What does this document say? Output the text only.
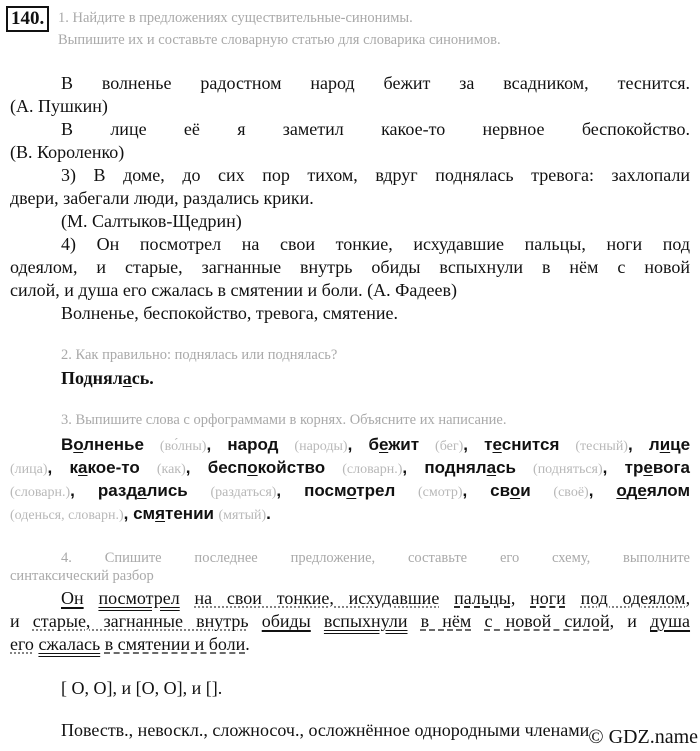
140. 1. Найдите в предложениях существительные-синонимы.
Выпишите их и составьте словарную статью для словарика синонимов.
В волненье радостном народ бежит за всадником, теснится.
(А. Пушкин)
В лице её я заметил какое-то нервное беспокойство.
(В. Короленко)
3) В доме, до сих пор тихом, вдруг поднялась тревога: захлопали
двери, забегали люди, раздались крики.
(М. Салтыков-Щедрин)
4) Он посмотрел на свои тонкие, исхудавшие пальцы, ноги под
одеялом, и старые, загнанные внутрь обиды вспыхнули в нём с новой
силой, и душа его сжалась в смятении и боли. (А. Фадеев)
Волненье, беспокойство, тревога, смятение.
2. Как правильно: поднялась или поднялась?
Поднялась.
3. Выпишите слова с орфограммами в корнях. Объясните их написание.
Волненье (во́лны), народ (народы), бежит (бег), теснится (тесный), лице
(лица), какое-то (как), беспокойство (словарн.), поднялась (подняться), тревога
(словарн.), раздались (раздаться), посмотрел (смотр), свои (своё), одеялом
(оденься, словарн.), смятении (мятый).
4. Спишите последнее предложение, составьте его схему, выполните
синтаксический разбор
Он посмотрел на свои тонкие, исхудавшие пальцы, ноги под одеялом,
и старые, загнанные внутрь обиды вспыхнули в нём с новой силой, и душа
его сжалась в смятении и боли.
[ О, О], и [О, О], и [].
Повеств., невоскл., сложносоч., осложнённое однородными членами © GDZ.name
